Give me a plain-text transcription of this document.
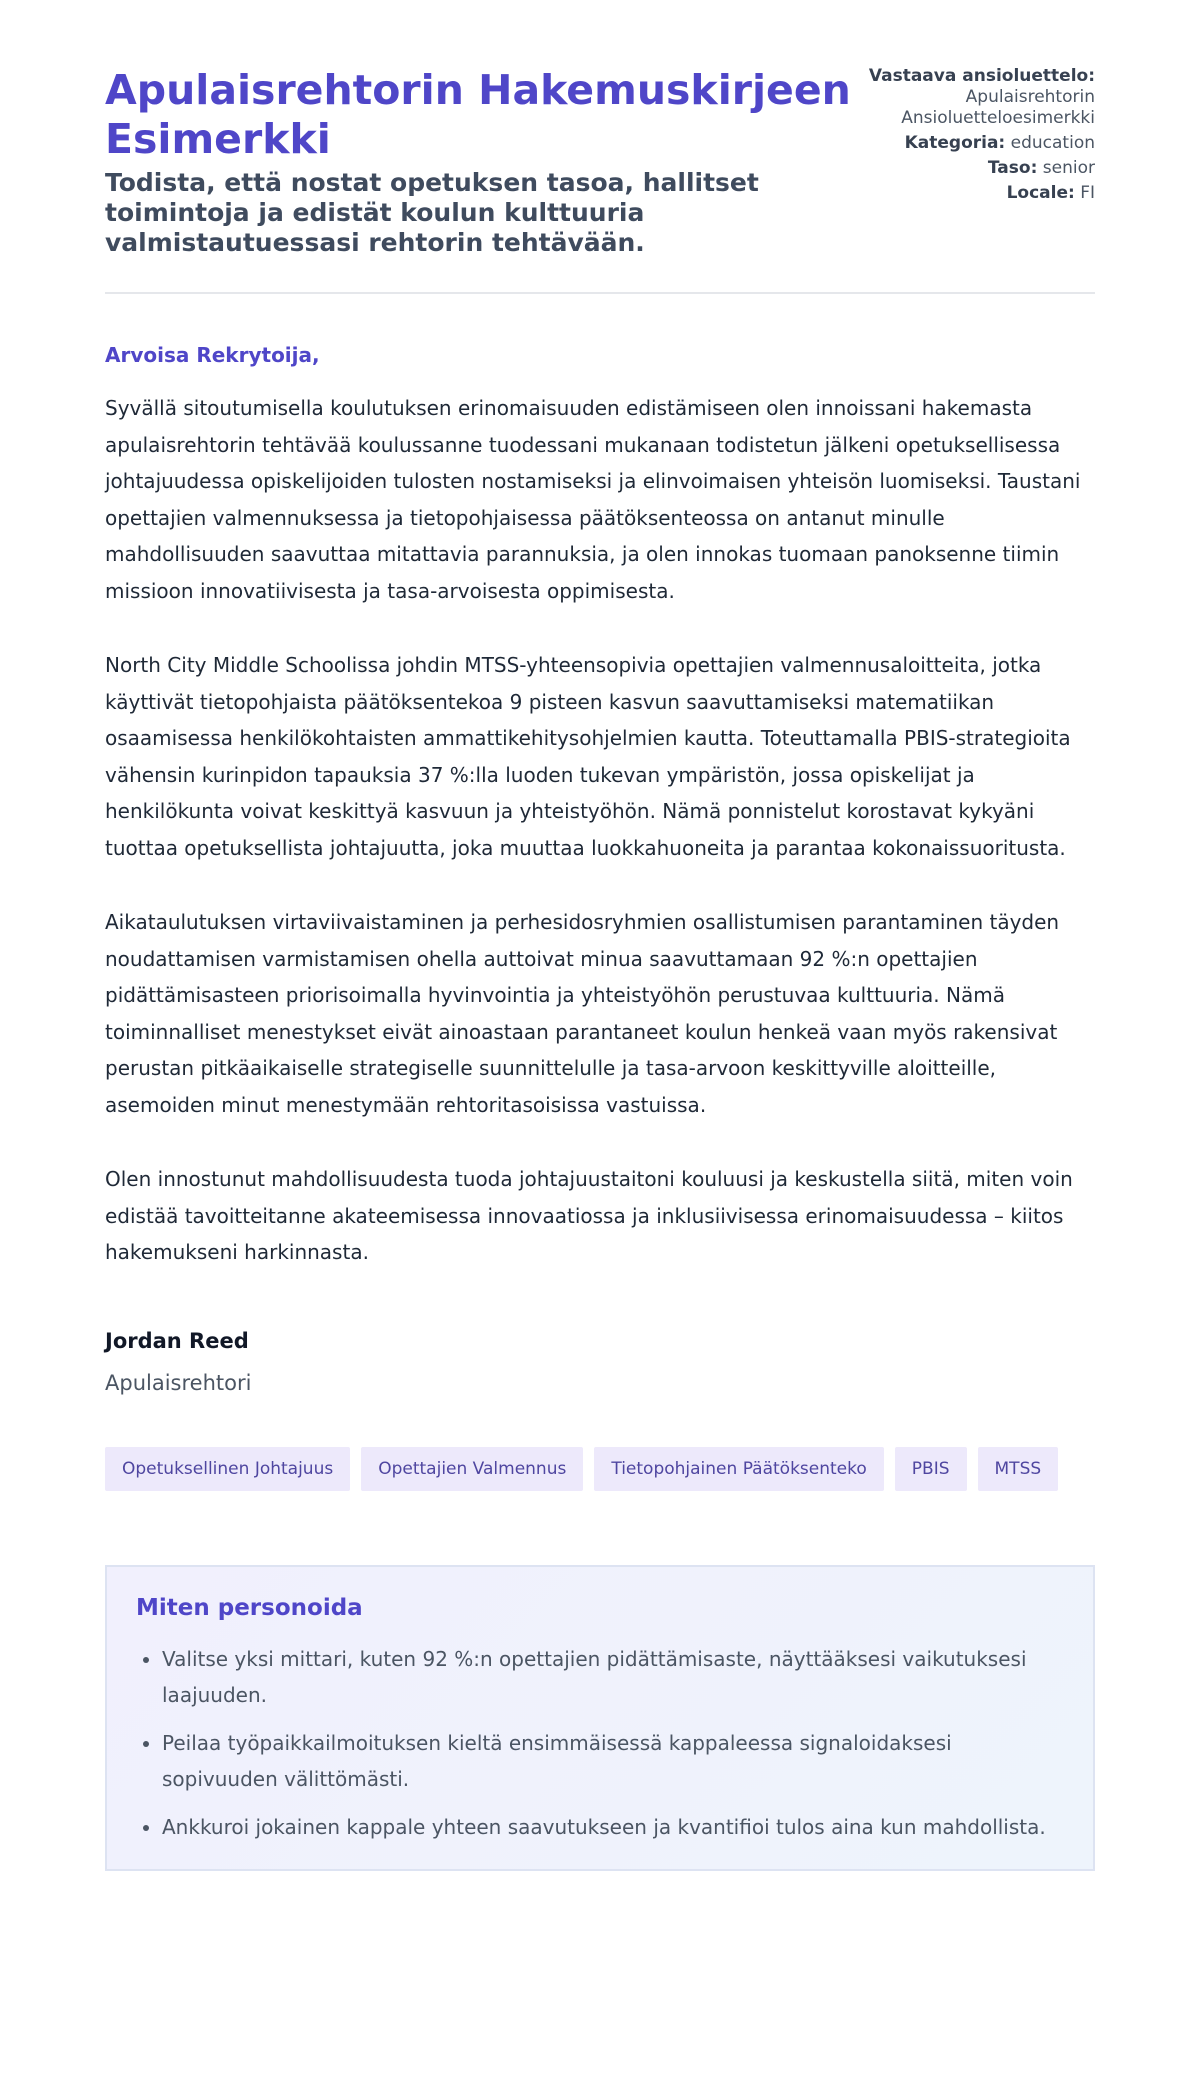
Apulaisrehtorin Hakemuskirjeen Esimerkki
Todista, että nostat opetuksen tasoa, hallitset toimintoja ja edistät koulun kulttuuria valmistautuessasi rehtorin tehtävään.
Vastaava ansioluettelo:
Apulaisrehtorin Ansioluetteloesimerkki
Kategoria: education
Taso: senior
Locale: FI
Arvoisa Rekrytoija,

Syvällä sitoutumisella koulutuksen erinomaisuuden edistämiseen olen innoissani hakemasta apulaisrehtorin tehtävää koulussanne tuodessani mukanaan todistetun jälkeni opetuksellisessa johtajuudessa opiskelijoiden tulosten nostamiseksi ja elinvoimaisen yhteisön luomiseksi. Taustani opettajien valmennuksessa ja tietopohjaisessa päätöksenteossa on antanut minulle mahdollisuuden saavuttaa mitattavia parannuksia, ja olen innokas tuomaan panoksenne tiimin missioon innovatiivisesta ja tasa-arvoisesta oppimisesta.

North City Middle Schoolissa johdin MTSS-yhteensopivia opettajien valmennusaloitteita, jotka käyttivät tietopohjaista päätöksentekoa 9 pisteen kasvun saavuttamiseksi matematiikan osaamisessa henkilökohtaisten ammattikehitysohjelmien kautta. Toteuttamalla PBIS-strategioita vähensin kurinpidon tapauksia 37 %:lla luoden tukevan ympäristön, jossa opiskelijat ja henkilökunta voivat keskittyä kasvuun ja yhteistyöhön. Nämä ponnistelut korostavat kykyäni tuottaa opetuksellista johtajuutta, joka muuttaa luokkahuoneita ja parantaa kokonaissuoritusta.

Aikataulutuksen virtaviivaistaminen ja perhesidosryhmien osallistumisen parantaminen täyden noudattamisen varmistamisen ohella auttoivat minua saavuttamaan 92 %:n opettajien pidättämisasteen priorisoimalla hyvinvointia ja yhteistyöhön perustuvaa kulttuuria. Nämä toiminnalliset menestykset eivät ainoastaan parantaneet koulun henkeä vaan myös rakensivat perustan pitkäaikaiselle strategiselle suunnittelulle ja tasa-arvoon keskittyville aloitteille, asemoiden minut menestymään rehtoritasoisissa vastuissa.

Olen innostunut mahdollisuudesta tuoda johtajuustaitoni kouluusi ja keskustella siitä, miten voin edistää tavoitteitanne akateemisessa innovaatiossa ja inklusiivisessa erinomaisuudessa – kiitos hakemukseni harkinnasta.

Jordan Reed
Apulaisrehtori
Opetuksellinen Johtajuus	Opettajien Valmennus	Tietopohjainen Päätöksenteko	PBIS	MTSS
Miten personoida
• Valitse yksi mittari, kuten 92 %:n opettajien pidättämisaste, näyttääksesi vaikutuksesi laajuuden.
• Peilaa työpaikkailmoituksen kieltä ensimmäisessä kappaleessa signaloidaksesi sopivuuden välittömästi.
• Ankkuroi jokainen kappale yhteen saavutukseen ja kvantifioi tulos aina kun mahdollista.
